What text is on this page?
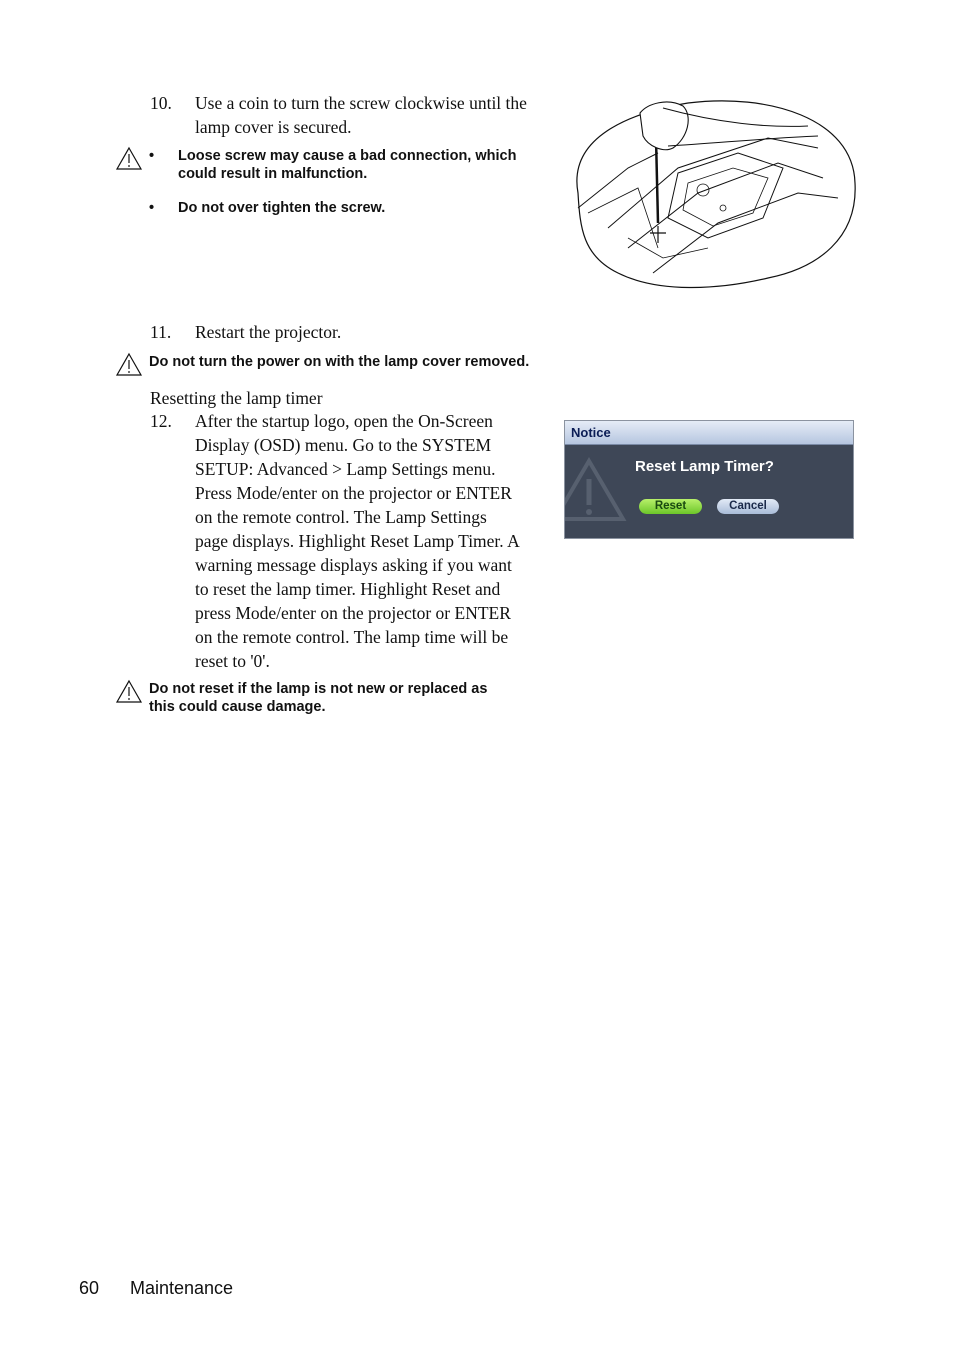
10.	Use a coin to turn the screw clockwise until the
lamp cover is secured.
• Loose screw may cause a bad connection, which
could result in malfunction.
• Do not over tighten the screw.
11.	Restart the projector.
Do not turn the power on with the lamp cover removed.
Resetting the lamp timer
12.	After the startup logo, open the On-Screen
Display (OSD) menu. Go to the SYSTEM
SETUP: Advanced > Lamp Settings menu.
Press Mode/enter on the projector or ENTER
on the remote control. The Lamp Settings
page displays. Highlight Reset Lamp Timer. A
warning message displays asking if you want
to reset the lamp timer. Highlight Reset and
press Mode/enter on the projector or ENTER
on the remote control. The lamp time will be
reset to '0'.
Notice
Reset Lamp Timer?
Reset	Cancel
Do not reset if the lamp is not new or replaced as
this could cause damage.
60 Maintenance
